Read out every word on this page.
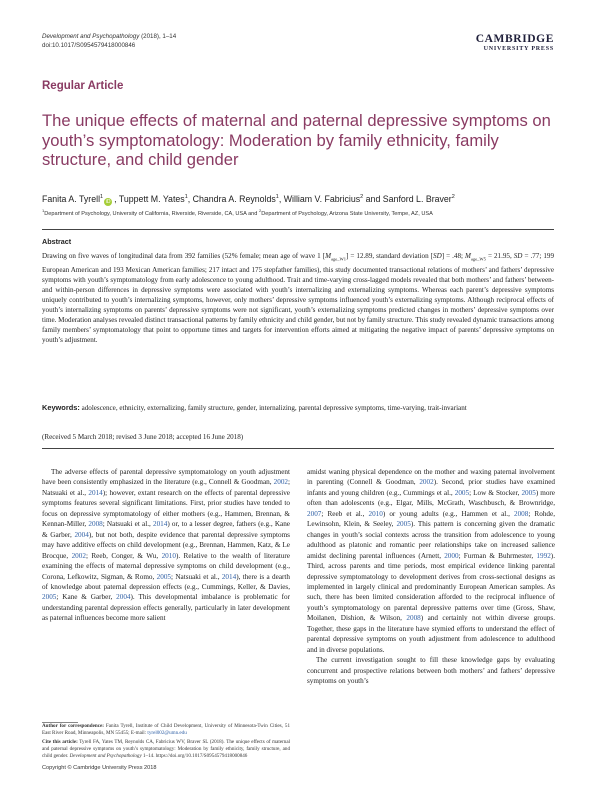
Development and Psychopathology (2018), 1–14
doi:10.1017/S0954579418000846
CAMBRIDGE
UNIVERSITY PRESS
Regular Article
The unique effects of maternal and paternal depressive symptoms on youth’s symptomatology: Moderation by family ethnicity, family structure, and child gender
Fanita A. Tyrell$^1$iD , Tuppett M. Yates$^1$, Chandra A. Reynolds$^1$, William V. Fabricius$^2$ and Sanford L. Braver$^2$
$^1$Department of Psychology, University of California, Riverside, Riverside, CA, USA and $^2$Department of Psychology, Arizona State University, Tempe, AZ, USA
Abstract
Drawing on five waves of longitudinal data from 392 families (52% female; mean age of wave 1 $[M_{age\_W1}] = 12.89$, standard deviation [SD] = .48; $M_{age\_W5} = 21.95$, SD = .77; 199 European American and 193 Mexican American families; 217 intact and 175 stepfather families), this study documented transactional relations of mothers’ and fathers’ depressive symptoms with youth’s symptomatology from early adolescence to young adulthood. Trait and time-varying cross-lagged models revealed that both mothers’ and fathers’ between- and within-person differences in depressive symptoms were associated with youth’s internalizing and externalizing symptoms. Whereas each parent’s depressive symptoms uniquely contributed to youth’s internalizing symptoms, however, only mothers’ depressive symptoms influenced youth’s externalizing symptoms. Although reciprocal effects of youth’s internalizing symptoms on parents’ depressive symptoms were not significant, youth’s externalizing symptoms predicted changes in mothers’ depressive symptoms over time. Moderation analyses revealed distinct transactional patterns by family ethnicity and child gender, but not by family structure. This study revealed dynamic transactions among family members’ symptomatology that point to opportune times and targets for intervention efforts aimed at mitigating the negative impact of parents’ depressive symptoms on youth’s adjustment.
Keywords: adolescence, ethnicity, externalizing, family structure, gender, internalizing, parental depressive symptoms, time-varying, trait-invariant
(Received 5 March 2018; revised 3 June 2018; accepted 16 June 2018)

The adverse effects of parental depressive symptomatology on youth adjustment have been consistently emphasized in the literature (e.g., Connell & Goodman, 2002; Natsuaki et al., 2014); however, extant research on the effects of parental depressive symptoms features several significant limitations. First, prior studies have tended to focus on depressive symptomatology of either mothers (e.g., Hammen, Brennan, & Kennan-Miller, 2008; Natsuaki et al., 2014) or, to a lesser degree, fathers (e.g., Kane & Garber, 2004), but not both, despite evidence that parental depressive symptoms may have additive effects on child development (e.g., Brennan, Hammen, Katz, & Le Brocque, 2002; Reeb, Conger, & Wu, 2010). Relative to the wealth of literature examining the effects of maternal depressive symptoms on child development (e.g., Corona, Lefkowitz, Sigman, & Romo, 2005; Natsuaki et al., 2014), there is a dearth of knowledge about paternal depression effects (e.g., Cummings, Keller, & Davies, 2005; Kane & Garber, 2004). This developmental imbalance is problematic for understanding parental depression effects generally, particularly in later development as paternal influences become more salient

amidst waning physical dependence on the mother and waxing paternal involvement in parenting (Connell & Goodman, 2002). Second, prior studies have examined infants and young children (e.g., Cummings et al., 2005; Low & Stocker, 2005) more often than adolescents (e.g., Elgar, Mills, McGrath, Waschbusch, & Brownridge, 2007; Reeb et al., 2010) or young adults (e.g., Hammen et al., 2008; Rohde, Lewinsohn, Klein, & Seeley, 2005). This pattern is concerning given the dramatic changes in youth’s social contexts across the transition from adolescence to young adulthood as platonic and romantic peer relationships take on increased salience amidst declining parental influences (Arnett, 2000; Furman & Buhrmester, 1992). Third, across parents and time periods, most empirical evidence linking parental depressive symptomatology to development derives from cross-sectional designs as implemented in largely clinical and predominantly European American samples. As such, there has been limited consideration afforded to the reciprocal influence of youth’s symptomatology on parental depressive patterns over time (Gross, Shaw, Moilanen, Dishion, & Wilson, 2008) and certainly not within diverse groups. Together, these gaps in the literature have stymied efforts to understand the effect of parental depressive symptoms on youth adjustment from adolescence to adulthood and in diverse populations.

The current investigation sought to fill these knowledge gaps by evaluating concurrent and prospective relations between both mothers’ and fathers’ depressive symptoms on youth’s

Author for correspondence: Fanita Tyrell, Institute of Child Development, University of Minnesota-Twin Cities, 51 East River Road, Minneapolis, MN 55455; E-mail: tyrel002@umn.edu
Cite this article: Tyrell FA, Yates TM, Reynolds CA, Fabricius WV, Braver SL (2018). The unique effects of maternal and paternal depressive symptoms on youth’s symptomatology: Moderation by family ethnicity, family structure, and child gender. Development and Psychopathology 1–14. https://doi.org/10.1017/S0954579418000846
Copyright © Cambridge University Press 2018
